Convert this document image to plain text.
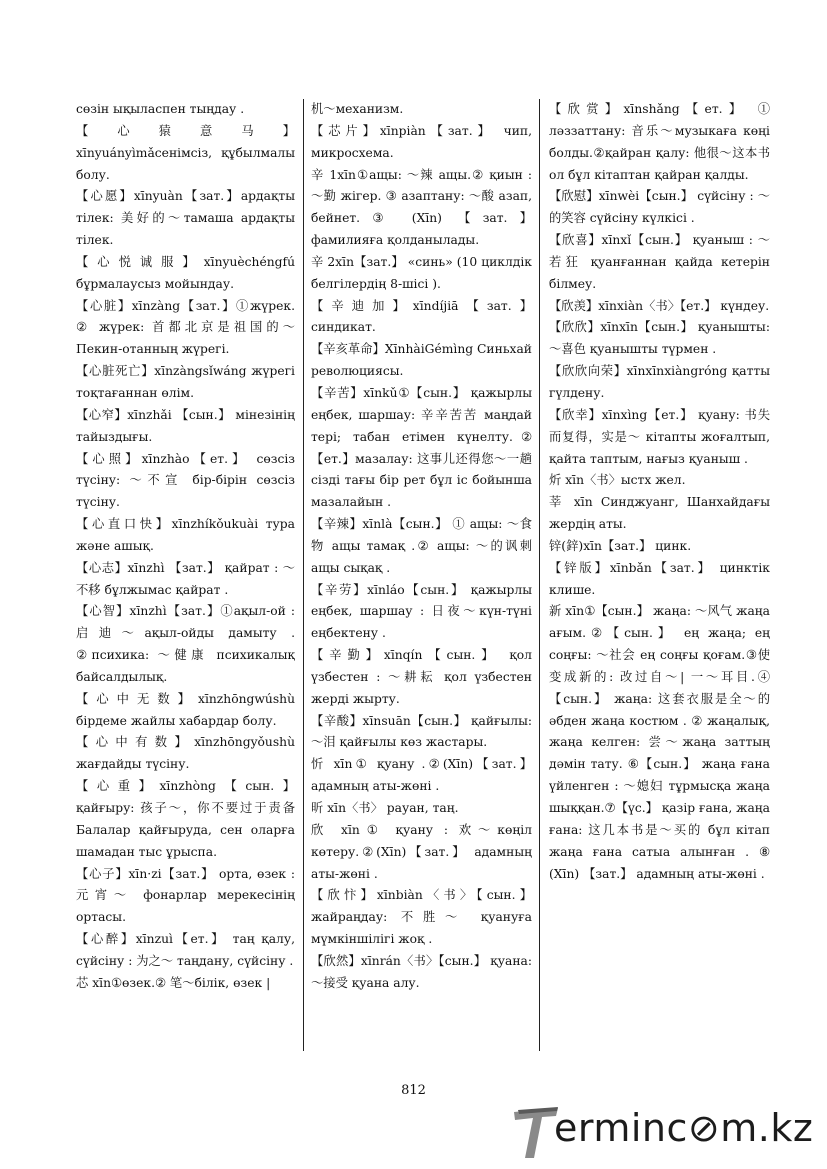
сөзін ықыласпен тыңдау .

【 心 猿 意 马 】 xīnyuányìmǎсенімсіз, құбылмалы болу.

【心愿】xīnyuàn【зат.】ардақты тілек: 美好的～тамаша ардақты тілек.

【心悦诚服】xīnyuèchéngfú бұрмалаусыз мойындау.

【心脏】xīnzàng【зат.】①жүрек. ② жүрек: 首都北京是祖国的～ Пекин-отанның жүрегі.

【心脏死亡】xīnzàngsǐwáng жүрегі тоқтағаннан өлім.

【心窄】xīnzhǎi 【сын.】 мінезінің тайыздығы.

【心照】xīnzhào【ет.】 сөзсіз түсіну: ～不宣 бір-бірін сөзсіз түсіну.

【心直口快】xīnzhíkǒukuài тура және ашық.

【心志】xīnzhì 【зат.】 қайрат : ～不移 бұлжымас қайрат .

【心智】xīnzhì【зат.】①ақыл-ой : 启迪～ақыл-ойды дамыту . ②психика: ～健康 психикалық байсалдылық.

【心中无数】xīnzhōngwúshù бірдеме жайлы хабардар болу.

【心中有数】xīnzhōngyǒushù жағдайды түсіну.

【心重】xīnzhòng【сын.】 қайғыру: 孩子～，你不要过于责备 Балалар қайғыруда, сен оларға шамадан тыс ұрыспа.

【心子】xīn·zi【зат.】 орта, өзек : 元宵～ фонарлар мерекесінің ортасы.

【心醉】xīnzuì【ет.】 таң қалу, сүйсіну : 为之～ таңдану, сүйсіну .

芯 xīn①өзек.② 笔～білік, өзек |

机～механизм.

【芯片】xīnpiàn【зат.】 чип, микросхема.

辛 1xīn①ащы: ～辣 ащы.② қиын : ～勤 жігер. ③ азаптану: ～酸 азап, бейнет.③ (Xīn) 【зат.】 фамилияға қолданылады.

辛 2xīn【зат.】 «синь» (10 циклдік белгілердің 8-шісі ).

【辛迪加】xīndíjiā【зат.】 синдикат.

【辛亥革命】XīnhàiGémìng Синьхай революциясы.

【辛苦】xīnkǔ①【сын.】 қажырлы еңбек, шаршау: 辛辛苦苦 маңдай тері; табан етімен күнелту.②【ет.】мазалау: 这事儿还得您～一趟 сізді тағы бір рет бұл іс бойынша мазалайын .

【辛辣】xīnlà【сын.】 ① ащы: ～食物 ащы тамақ .② ащы: ～的讽刺 ащы сықақ .

【辛劳】xīnláo【сын.】 қажырлы еңбек, шаршау : 日夜～күн-түні еңбектену .

【辛勤】xīnqín【сын.】 қол үзбестен : ～耕耘 қол үзбестен жерді жырту.

【辛酸】xīnsuān【сын.】 қайғылы: ～泪 қайғылы көз жастары.

忻 xīn① қуану .②(Xīn)【зат.】 адамның аты-жөні .

昕 xīn〈书〉 рауан, таң.

欣 xīn① қуану : 欢～көңіл көтеру.②(Xīn)【зат.】 адамның аты-жөні .

【欣忭】xīnbiàn〈书〉【сын.】 жайраңдау: 不胜～ қуануға мүмкіншілігі жоқ .

【欣然】xīnrán〈书〉【сын.】 қуана: ～接受 қуана алу.

【欣赏】xīnshǎng【ет.】 ① ләззаттану: 音乐～музыкаға көңі болды.②қайран қалу: 他很～这本书 ол бұл кітаптан қайран қалды.

【欣慰】xīnwèi【сын.】 сүйсіну : ～的笑容 сүйсіну күлкісі .

【欣喜】xīnxǐ【сын.】 қуаныш : ～若狂 қуанғаннан қайда кетерін білмеу.

【欣羡】xīnxiàn〈书〉【ет.】 күндеу.

【欣欣】xīnxīn【сын.】 қуанышты: ～喜色 қуанышты түрмен .

【欣欣向荣】xīnxīnxiàngróng қатты гүлдену.

【欣幸】xīnxìng【ет.】 қуану: 书失而复得，实是～ кітапты жоғалтып, қайта таптым, нағыз қуаныш .

炘 xīn〈书〉ыстх жел.

莘 xīn Синджуанг, Шанхайдағы жердің аты.

锌(鋅)xīn【зат.】 цинк.

【锌版】xīnbǎn【зат.】 цинктік клише.

新 xīn①【сын.】 жаңа: ～风气 жаңа ағым.②【сын.】 ең жаңа; ең соңғы: ～社会 ең соңғы қоғам.③使变成新的: 改过自～| 一～耳目.④【сын.】 жаңа: 这套衣服是全～的 әбден жаңа костюм . ② жаңалық, жаңа келген: 尝～жаңа заттың дәмін тату. ⑥【сын.】 жаңа ғана үйленген : ～媳妇 тұрмысқа жаңа шыққан.⑦【үс.】 қазір ғана, жаңа ғана: 这几本书是～买的 бұл кітап жаңа ғана сатыа алынған . ⑧ (Xīn) 【зат.】 адамның аты-жөні .

812
erminc⊘m.kz
